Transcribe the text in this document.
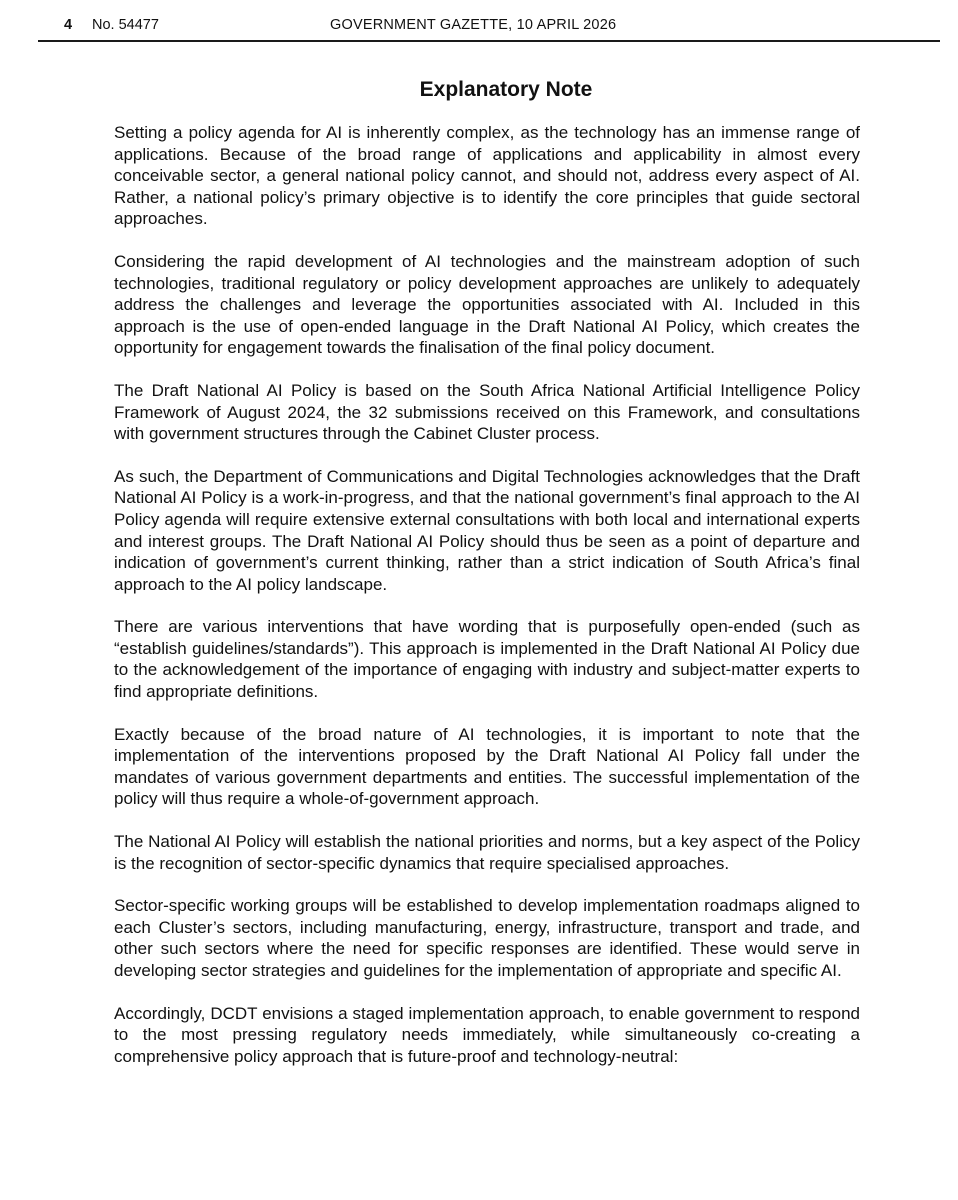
4 No. 54477	GOVERNMENT GAZETTE, 10 APRIL 2026
Explanatory Note

Setting a policy agenda for AI is inherently complex, as the technology has an immense range of applications. Because of the broad range of applications and applicability in almost every conceivable sector, a general national policy cannot, and should not, address every aspect of AI. Rather, a national policy’s primary objective is to identify the core principles that guide sectoral approaches.

Considering the rapid development of AI technologies and the mainstream adoption of such technologies, traditional regulatory or policy development approaches are unlikely to adequately address the challenges and leverage the opportunities associated with AI. Included in this approach is the use of open-ended language in the Draft National AI Policy, which creates the opportunity for engagement towards the finalisation of the final policy document.

The Draft National AI Policy is based on the South Africa National Artificial Intelligence Policy Framework of August 2024, the 32 submissions received on this Framework, and consultations with government structures through the Cabinet Cluster process.

As such, the Department of Communications and Digital Technologies acknowledges that the Draft National AI Policy is a work-in-progress, and that the national government’s final approach to the AI Policy agenda will require extensive external consultations with both local and international experts and interest groups. The Draft National AI Policy should thus be seen as a point of departure and indication of government’s current thinking, rather than a strict indication of South Africa’s final approach to the AI policy landscape.

There are various interventions that have wording that is purposefully open-ended (such as “establish guidelines/standards”). This approach is implemented in the Draft National AI Policy due to the acknowledgement of the importance of engaging with industry and subject-matter experts to find appropriate definitions.

Exactly because of the broad nature of AI technologies, it is important to note that the implementation of the interventions proposed by the Draft National AI Policy fall under the mandates of various government departments and entities. The successful implementation of the policy will thus require a whole-of-government approach.

The National AI Policy will establish the national priorities and norms, but a key aspect of the Policy is the recognition of sector-specific dynamics that require specialised approaches.

Sector-specific working groups will be established to develop implementation roadmaps aligned to each Cluster’s sectors, including manufacturing, energy, infrastructure, transport and trade, and other such sectors where the need for specific responses are identified. These would serve in developing sector strategies and guidelines for the implementation of appropriate and specific AI.

Accordingly, DCDT envisions a staged implementation approach, to enable government to respond to the most pressing regulatory needs immediately, while simultaneously co-creating a comprehensive policy approach that is future-proof and technology-neutral:
